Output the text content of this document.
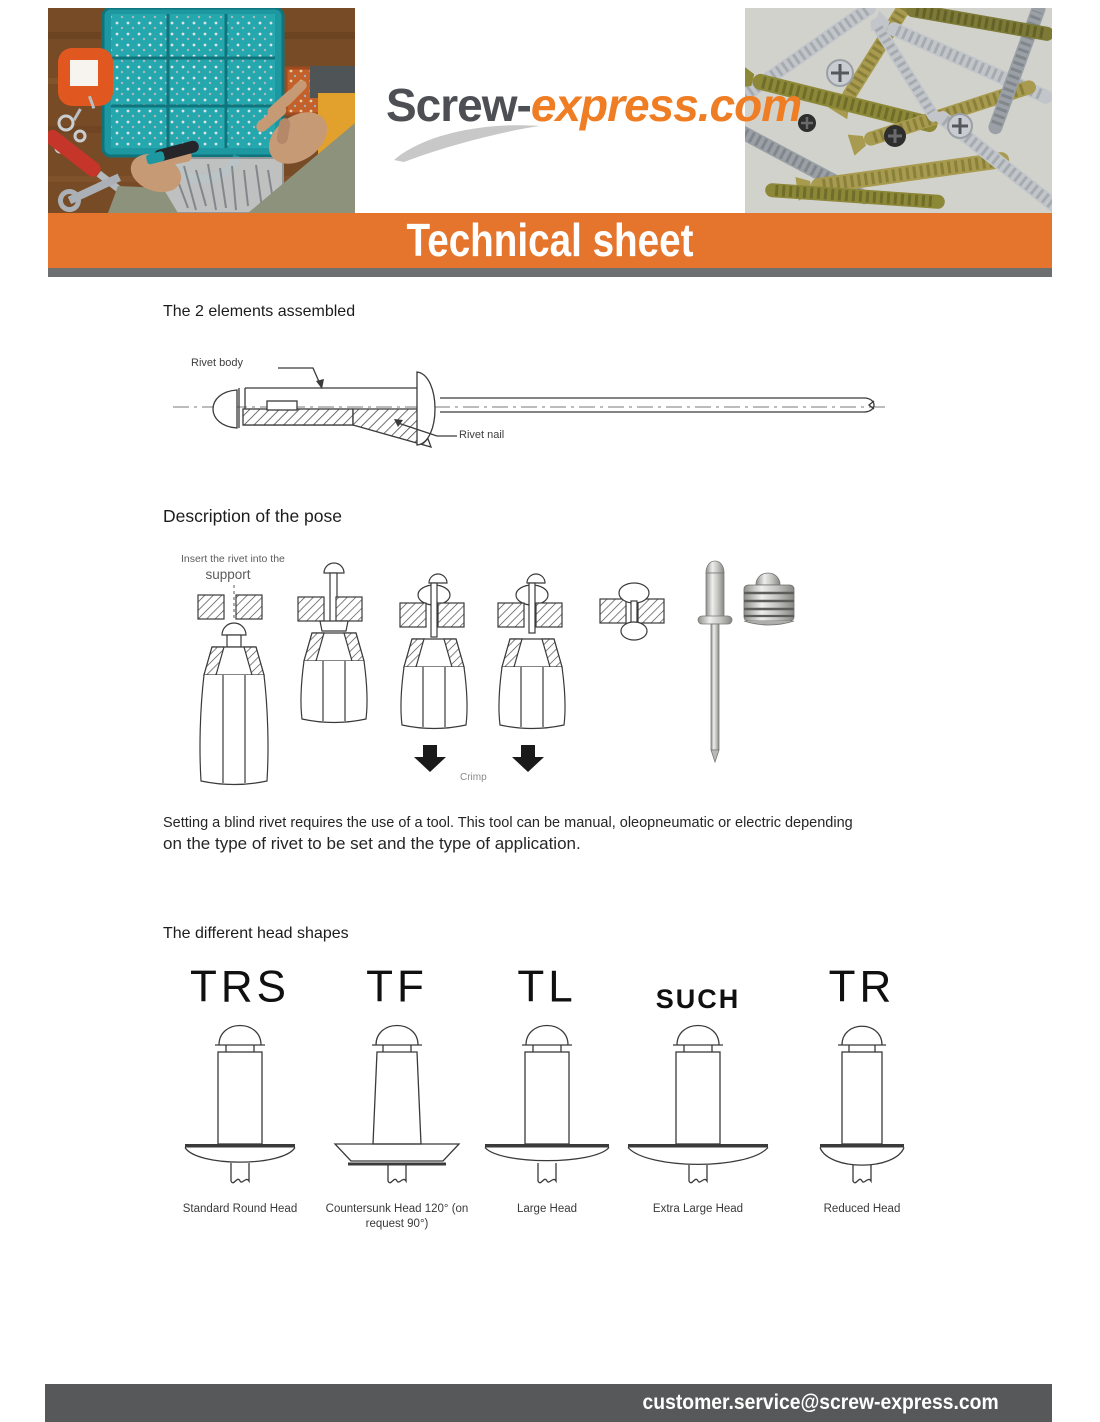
Screw-express.com
Technical sheet
The 2 elements assembled
Rivet body
Rivet nail
Description of the pose
Insert the rivet into the
support
Crimp
Setting a blind rivet requires the use of a tool. This tool can be manual, oleopneumatic or electric depending
on the type of rivet to be set and the type of application.
The different head shapes
TRS
Standard Round Head
TF
Countersunk Head 120° (on request 90°)
TL
Large Head
SUCH
Extra Large Head
TR
Reduced Head
customer.service@screw-express.com
